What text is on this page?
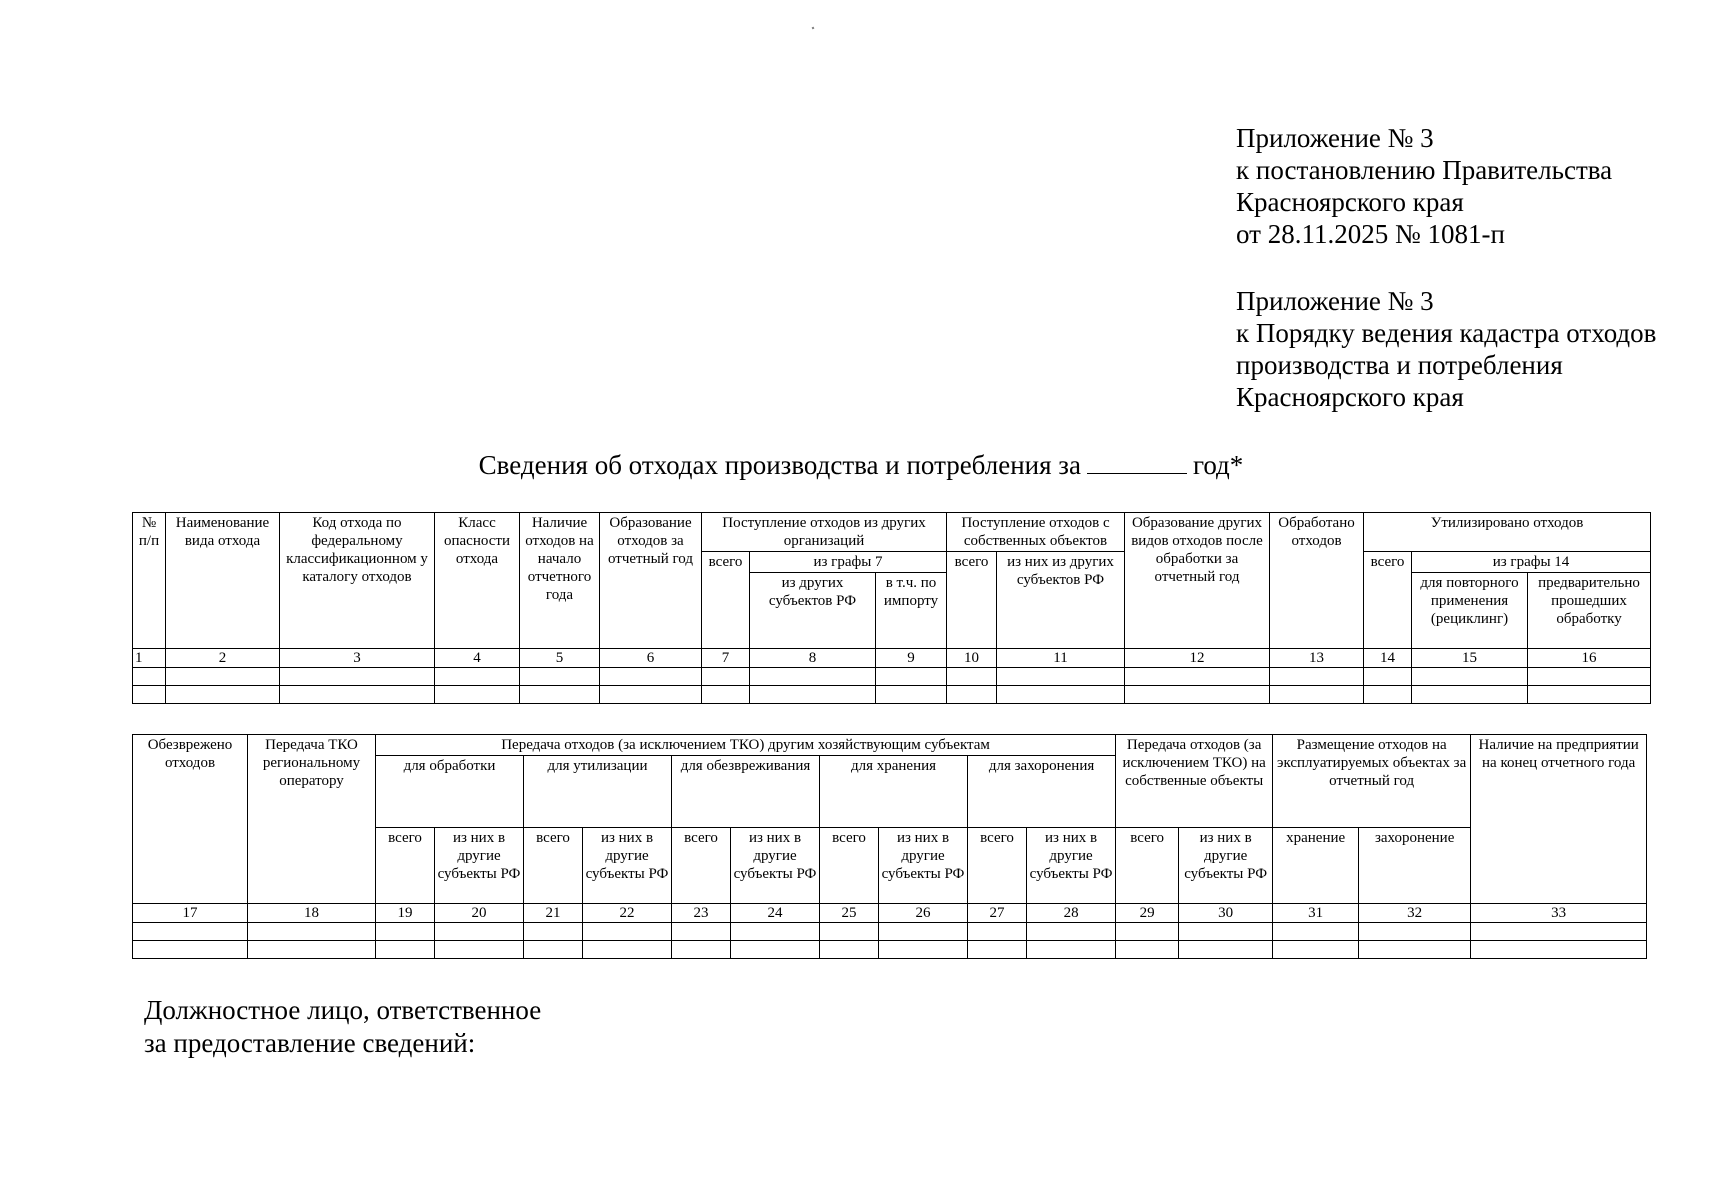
Приложение № 3
к постановлению Правительства
Красноярского края
от 28.11.2025 № 1081-п
Приложение № 3
к Порядку ведения кадастра отходов
производства и потребления
Красноярского края
Сведения об отходах производства и потребления за	год*
№ п/п	Наименование вида отхода	Код отхода по федеральному классификационном у каталогу отходов	Класс опасности отхода	Наличие отходов на начало отчетного года	Образование отходов за отчетный год	Поступление отходов из других организаций			Поступление отходов с собственных объектов		Образование других видов отходов после обработки за отчетный год	Обработано отходов	Утилизировано отходов		
						всего	из графы 7		всего	из них из других субъектов РФ			всего	из графы 14	
							из других субъектов РФ	в т.ч. по импорту						для повторного применения (рециклинг)	предварительно прошедших обработку
1	2	3	4	5	6	7	8	9	10	11	12	13	14	15	16

Обезврежено отходов	Передача ТКО региональному оператору	Передача отходов (за исключением ТКО) другим хозяйствующим субъектам										Передача отходов (за исключением ТКО) на собственные объекты		Размещение отходов на эксплуатируемых объектах за отчетный год		Наличие на предприятии на конец отчетного года
		для обработки		для утилизации		для обезвреживания		для хранения		для захоронения						
		всего	из них в другие субъекты РФ	всего	из них в другие субъекты РФ	всего	из них в другие субъекты РФ	всего	из них в другие субъекты РФ	всего	из них в другие субъекты РФ	всего	из них в другие субъекты РФ	хранение	захоронение	
17	18	19	20	21	22	23	24	25	26	27	28	29	30	31	32	33

Должностное лицо, ответственное
за предоставление сведений:
